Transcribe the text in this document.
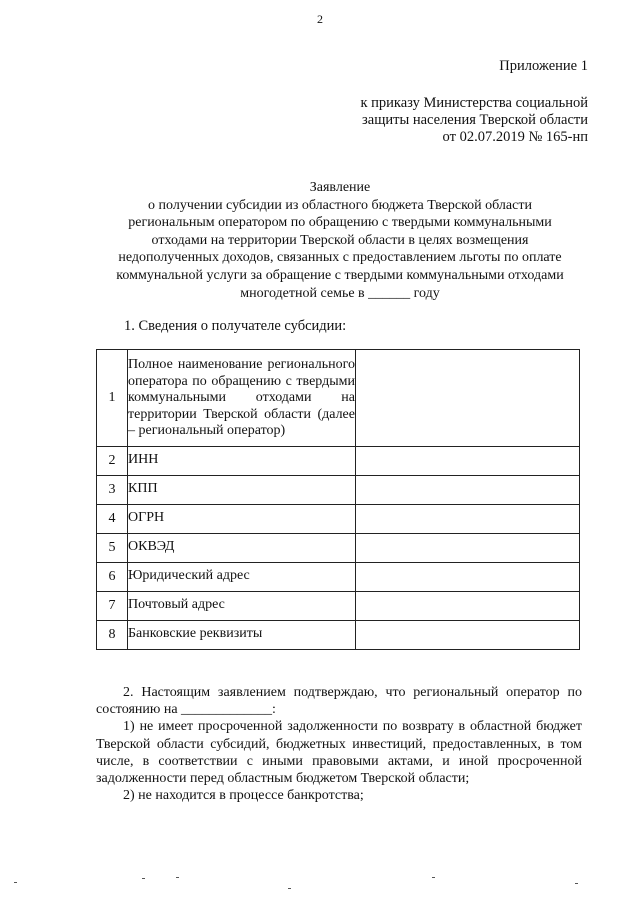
2
Приложение 1
к приказу Министерства социальной
защиты населения Тверской области
от 02.07.2019 № 165-нп
Заявление
о получении субсидии из областного бюджета Тверской области
региональным оператором по обращению с твердыми коммунальными
отходами на территории Тверской области в целях возмещения
недополученных доходов, связанных с предоставлением льготы по оплате
коммунальной услуги за обращение с твердыми коммунальными отходами
многодетной семье в ______ году
1. Сведения о получателе субсидии:
1	Полное наименование регионального оператора по обращению с твердыми коммунальными отходами на территории Тверской области (далее – региональный оператор)	
2	ИНН	
3	КПП	
4	ОГРН	
5	ОКВЭД	
6	Юридический адрес	
7	Почтовый адрес	
8	Банковские реквизиты	

2. Настоящим заявлением подтверждаю, что региональный оператор по состоянию на _____________:

1) не имеет просроченной задолженности по возврату в областной бюджет Тверской области субсидий, бюджетных инвестиций, предоставленных, в том числе, в соответствии с иными правовыми актами, и иной просроченной задолженности перед областным бюджетом Тверской области;

2) не находится в процессе банкротства;
